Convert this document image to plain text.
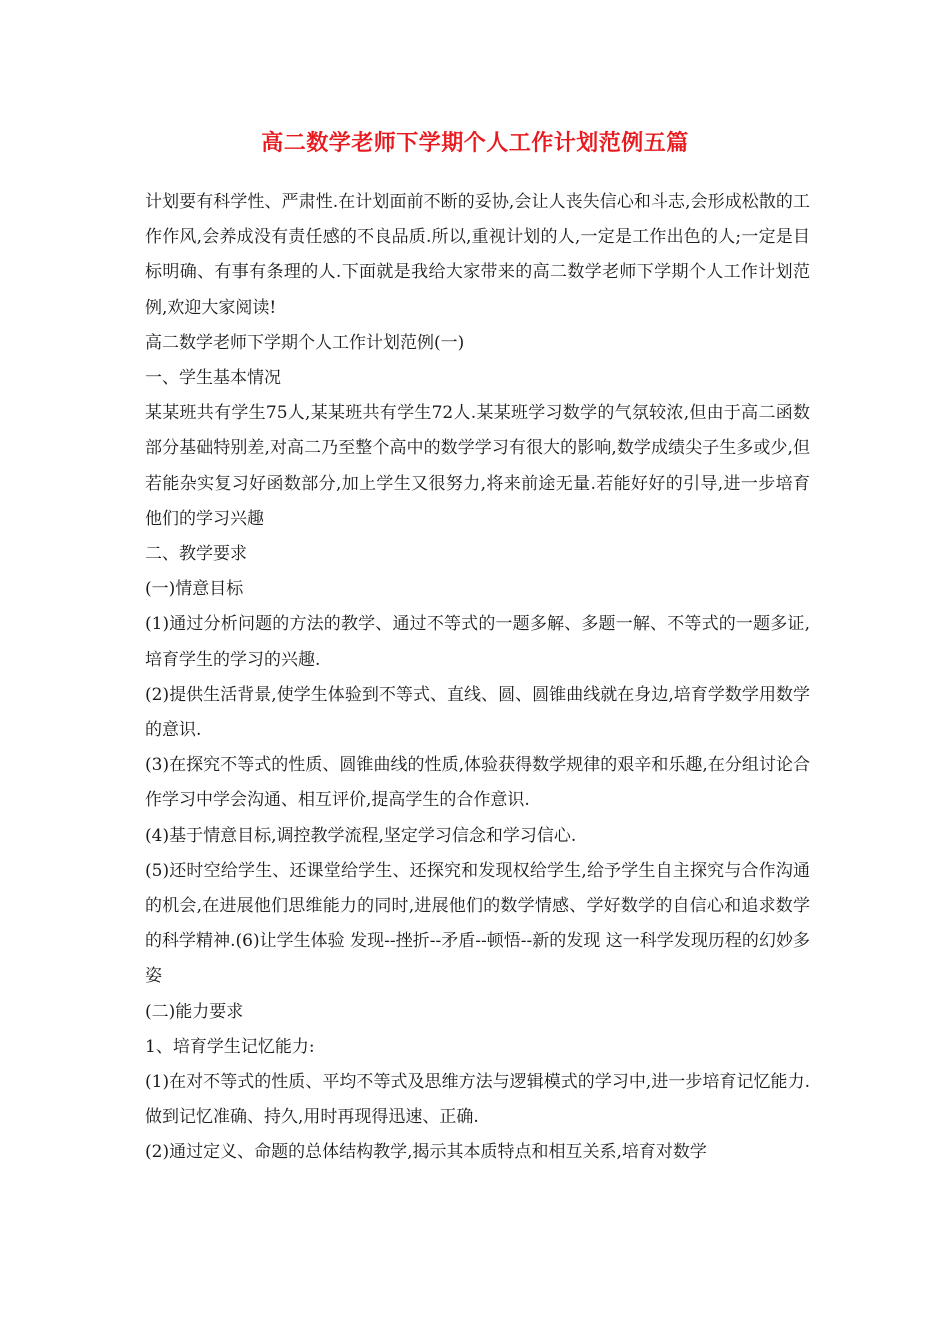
高二数学老师下学期个人工作计划范例五篇

计划要有科学性、严肃性.在计划面前不断的妥协,会让人丧失信心和斗志,会形成松散的工作作风,会养成没有责任感的不良品质.所以,重视计划的人,一定是工作出色的人;一定是目标明确、有事有条理的人.下面就是我给大家带来的高二数学老师下学期个人工作计划范例,欢迎大家阅读!

高二数学老师下学期个人工作计划范例(一)

一、学生基本情况

某某班共有学生75人,某某班共有学生72人.某某班学习数学的气氛较浓,但由于高二函数部分基础特别差,对高二乃至整个高中的数学学习有很大的影响,数学成绩尖子生多或少,但若能杂实复习好函数部分,加上学生又很努力,将来前途无量.若能好好的引导,进一步培育他们的学习兴趣

二、教学要求

(一)情意目标

(1)通过分析问题的方法的教学、通过不等式的一题多解、多题一解、不等式的一题多证,培育学生的学习的兴趣.

(2)提供生活背景,使学生体验到不等式、直线、圆、圆锥曲线就在身边,培育学数学用数学的意识.

(3)在探究不等式的性质、圆锥曲线的性质,体验获得数学规律的艰辛和乐趣,在分组讨论合作学习中学会沟通、相互评价,提高学生的合作意识.

(4)基于情意目标,调控教学流程,坚定学习信念和学习信心.

(5)还时空给学生、还课堂给学生、还探究和发现权给学生,给予学生自主探究与合作沟通的机会,在进展他们思维能力的同时,进展他们的数学情感、学好数学的自信心和追求数学的科学精神.(6)让学生体验 发现--挫折--矛盾--顿悟--新的发现 这一科学发现历程的幻妙多姿

(二)能力要求

1、培育学生记忆能力:

(1)在对不等式的性质、平均不等式及思维方法与逻辑模式的学习中,进一步培育记忆能力.做到记忆准确、持久,用时再现得迅速、正确.

(2)通过定义、命题的总体结构教学,揭示其本质特点和相互关系,培育对数学
